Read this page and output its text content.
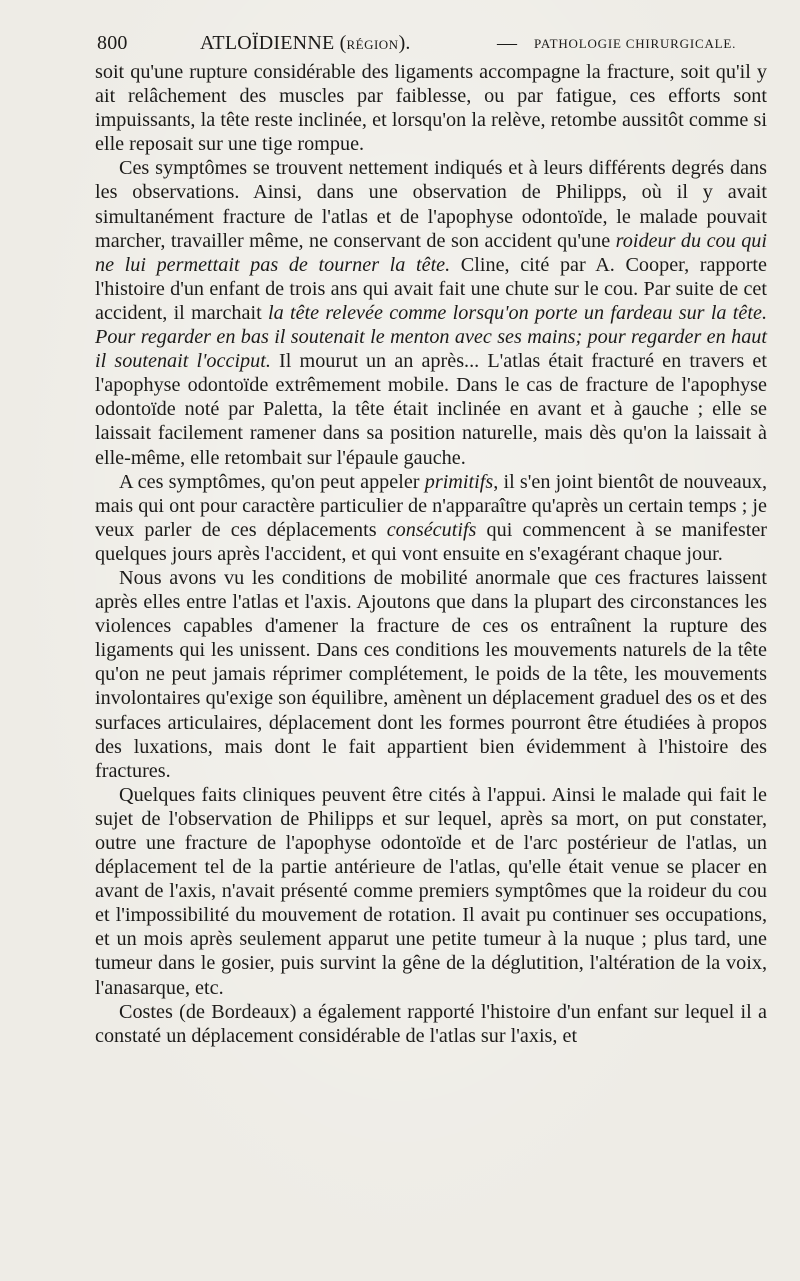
800	ATLOÏDIENNE (RÉGION).	— PATHOLOGIE CHIRURGICALE.

soit qu'une rupture considérable des ligaments accompagne la fracture, soit qu'il y ait relâchement des muscles par faiblesse, ou par fatigue, ces efforts sont impuissants, la tête reste inclinée, et lorsqu'on la relève, retombe aussitôt comme si elle reposait sur une tige rompue.

Ces symptômes se trouvent nettement indiqués et à leurs différents degrés dans les observations. Ainsi, dans une observation de Philipps, où il y avait simultanément fracture de l'atlas et de l'apophyse odontoïde, le malade pouvait marcher, travailler même, ne conservant de son accident qu'une roideur du cou qui ne lui permettait pas de tourner la tête. Cline, cité par A. Cooper, rapporte l'histoire d'un enfant de trois ans qui avait fait une chute sur le cou. Par suite de cet accident, il marchait la tête relevée comme lorsqu'on porte un fardeau sur la tête. Pour regarder en bas il soutenait le menton avec ses mains; pour regarder en haut il soutenait l'occiput. Il mourut un an après... L'atlas était fracturé en travers et l'apophyse odontoïde extrêmement mobile. Dans le cas de fracture de l'apophyse odontoïde noté par Paletta, la tête était inclinée en avant et à gauche ; elle se laissait facilement ramener dans sa position naturelle, mais dès qu'on la laissait à elle-même, elle retombait sur l'épaule gauche.

A ces symptômes, qu'on peut appeler primitifs, il s'en joint bientôt de nouveaux, mais qui ont pour caractère particulier de n'apparaître qu'après un certain temps ; je veux parler de ces déplacements consécutifs qui commencent à se manifester quelques jours après l'accident, et qui vont ensuite en s'exagérant chaque jour.

Nous avons vu les conditions de mobilité anormale que ces fractures laissent après elles entre l'atlas et l'axis. Ajoutons que dans la plupart des circonstances les violences capables d'amener la fracture de ces os entraînent la rupture des ligaments qui les unissent. Dans ces conditions les mouvements naturels de la tête qu'on ne peut jamais réprimer complétement, le poids de la tête, les mouvements involontaires qu'exige son équilibre, amènent un déplacement graduel des os et des surfaces articulaires, déplacement dont les formes pourront être étudiées à propos des luxations, mais dont le fait appartient bien évidemment à l'histoire des fractures.

Quelques faits cliniques peuvent être cités à l'appui. Ainsi le malade qui fait le sujet de l'observation de Philipps et sur lequel, après sa mort, on put constater, outre une fracture de l'apophyse odontoïde et de l'arc postérieur de l'atlas, un déplacement tel de la partie antérieure de l'atlas, qu'elle était venue se placer en avant de l'axis, n'avait présenté comme premiers symptômes que la roideur du cou et l'impossibilité du mouvement de rotation. Il avait pu continuer ses occupations, et un mois après seulement apparut une petite tumeur à la nuque ; plus tard, une tumeur dans le gosier, puis survint la gêne de la déglutition, l'altération de la voix, l'anasarque, etc.

Costes (de Bordeaux) a également rapporté l'histoire d'un enfant sur lequel il a constaté un déplacement considérable de l'atlas sur l'axis, et
